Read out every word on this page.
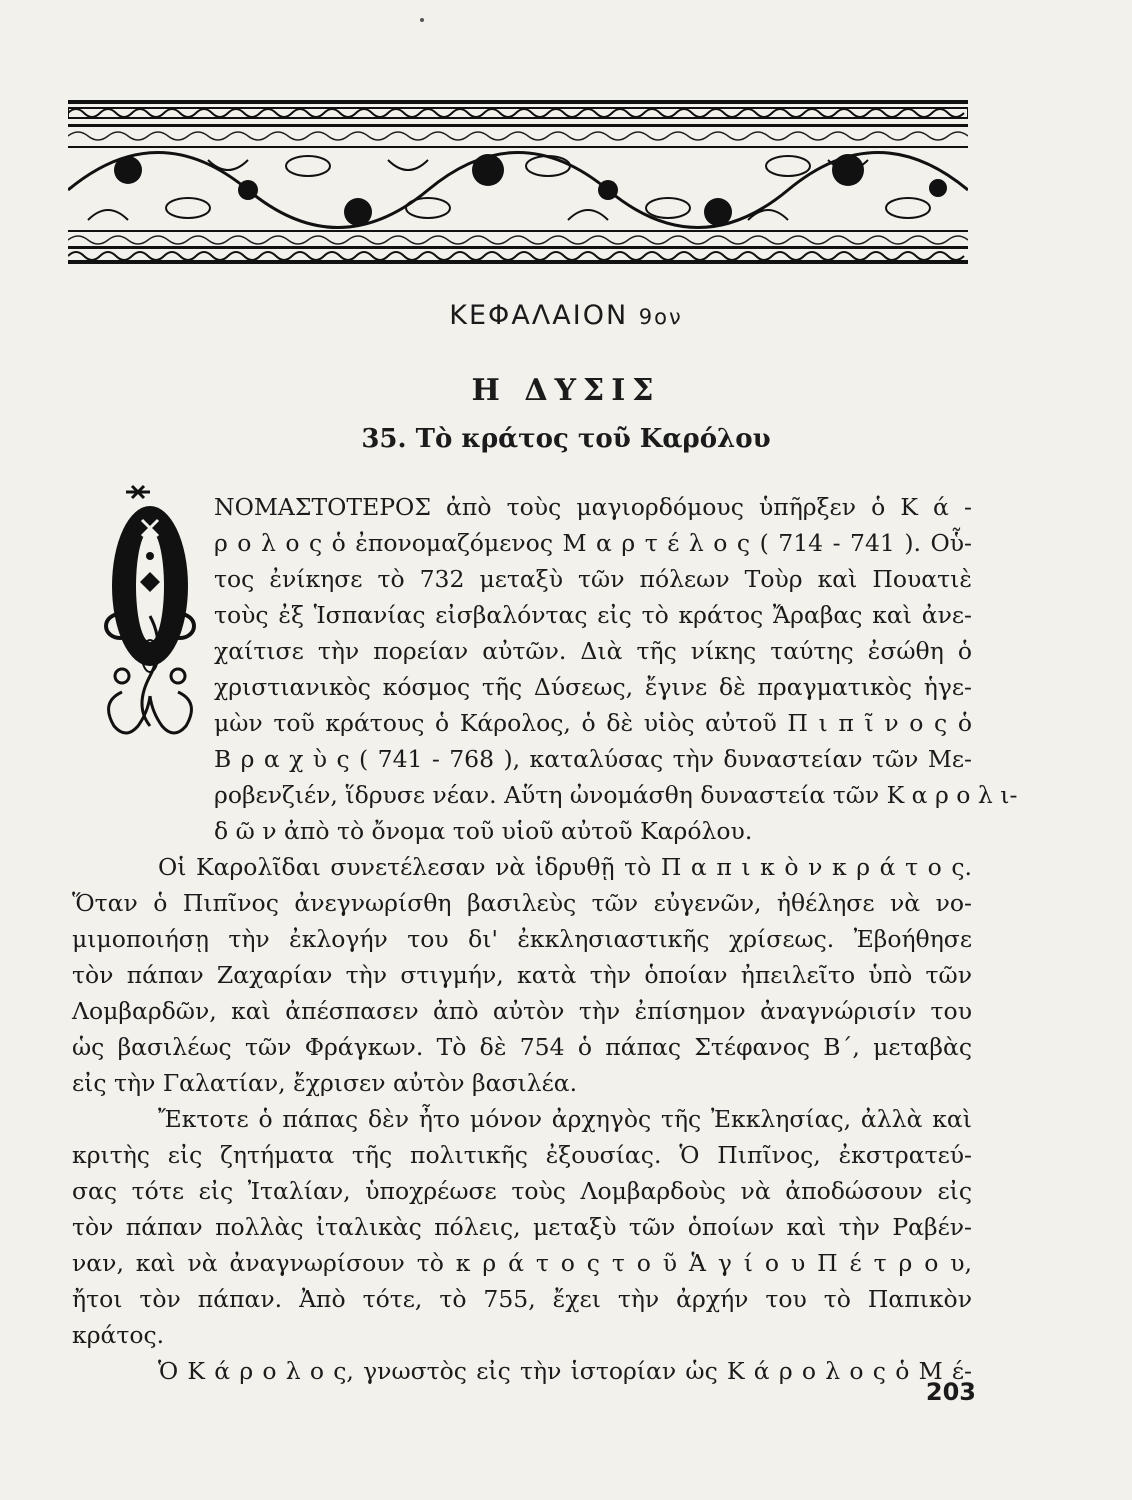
ΚΕΦΑΛΑΙΟΝ 9ον
Η ΔΥΣΙΣ
35. Τὸ κράτος τοῦ Καρόλου
ΝΟΜΑΣΤΟΤΕΡΟΣ ἀπὸ τοὺς μαγιορδόμους ὑπῆρξεν ὁ Κ ά -
ρ ο λ ο ς ὁ ἐπονομαζόμενος Μ α ρ τ έ λ ο ς ( 714 - 741 ). Οὗ-
τος ἐνίκησε τὸ 732 μεταξὺ τῶν πόλεων Τοὺρ καὶ Πουατιὲ
τοὺς ἐξ Ἱσπανίας εἰσβαλόντας εἰς τὸ κράτος Ἄραβας καὶ ἀνε-
χαίτισε τὴν πορείαν αὐτῶν. Διὰ τῆς νίκης ταύτης ἐσώθη ὁ
χριστιανικὸς κόσμος τῆς Δύσεως, ἔγινε δὲ πραγματικὸς ἡγε-
μὼν τοῦ κράτους ὁ Κάρολος, ὁ δὲ υἱὸς αὐτοῦ Π ι π ῖ ν ο ς ὁ
Β ρ α χ ὺ ς ( 741 - 768 ), καταλύσας τὴν δυναστείαν τῶν Με-
ροβενζιέν, ἵδρυσε νέαν. Αὕτη ὠνομάσθη δυναστεία τῶν Κ α ρ ο λ ι-
δ ῶ ν ἀπὸ τὸ ὄνομα τοῦ υἱοῦ αὐτοῦ Καρόλου.
Οἱ Καρολῖδαι συνετέλεσαν νὰ ἱδρυθῇ τὸ Π α π ι κ ὸ ν κ ρ ά τ ο ς.
Ὅταν ὁ Πιπῖνος ἀνεγνωρίσθη βασιλεὺς τῶν εὐγενῶν, ἠθέλησε νὰ νο-
μιμοποιήσῃ τὴν ἐκλογήν του δι' ἐκκλησιαστικῆς χρίσεως. Ἐβοήθησε
τὸν πάπαν Ζαχαρίαν τὴν στιγμήν, κατὰ τὴν ὁποίαν ἠπειλεῖτο ὑπὸ τῶν
Λομβαρδῶν, καὶ ἀπέσπασεν ἀπὸ αὐτὸν τὴν ἐπίσημον ἀναγνώρισίν του
ὡς βασιλέως τῶν Φράγκων. Τὸ δὲ 754 ὁ πάπας Στέφανος Β΄, μεταβὰς
εἰς τὴν Γαλατίαν, ἔχρισεν αὐτὸν βασιλέα.
Ἔκτοτε ὁ πάπας δὲν ἦτο μόνον ἀρχηγὸς τῆς Ἐκκλησίας, ἀλλὰ καὶ
κριτὴς εἰς ζητήματα τῆς πολιτικῆς ἐξουσίας. Ὁ Πιπῖνος, ἐκστρατεύ-
σας τότε εἰς Ἰταλίαν, ὑποχρέωσε τοὺς Λομβαρδοὺς νὰ ἀποδώσουν εἰς
τὸν πάπαν πολλὰς ἰταλικὰς πόλεις, μεταξὺ τῶν ὁποίων καὶ τὴν Ραβέν-
ναν, καὶ νὰ ἀναγνωρίσουν τὸ κ ρ ά τ ο ς τ ο ῦ Ἁ γ ί ο υ Π έ τ ρ ο υ,
ἤτοι τὸν πάπαν. Ἀπὸ τότε, τὸ 755, ἔχει τὴν ἀρχήν του τὸ Παπικὸν
κράτος.
Ὁ Κ ά ρ ο λ ο ς, γνωστὸς εἰς τὴν ἱστορίαν ὡς Κ ά ρ ο λ ο ς ὁ Μ έ-
203
